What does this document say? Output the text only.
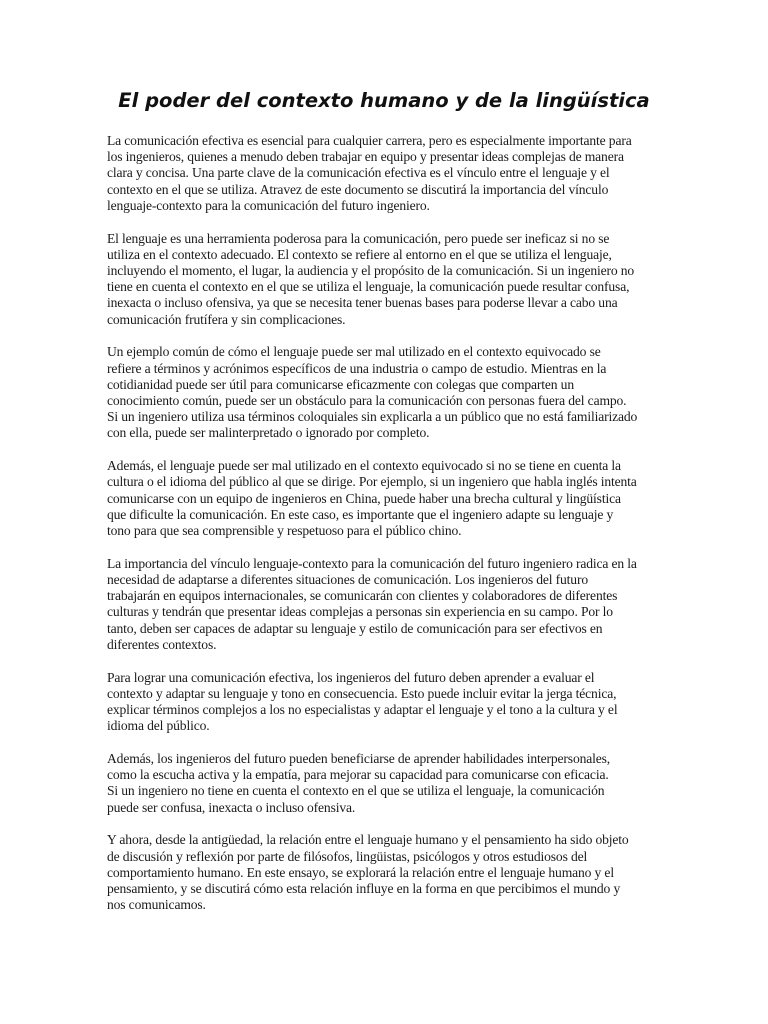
El poder del contexto humano y de la lingüística

La comunicación efectiva es esencial para cualquier carrera, pero es especialmente importante para
los ingenieros, quienes a menudo deben trabajar en equipo y presentar ideas complejas de manera
clara y concisa. Una parte clave de la comunicación efectiva es el vínculo entre el lenguaje y el
contexto en el que se utiliza. Atravez de este documento se discutirá la importancia del vínculo
lenguaje-contexto para la comunicación del futuro ingeniero.

El lenguaje es una herramienta poderosa para la comunicación, pero puede ser ineficaz si no se
utiliza en el contexto adecuado. El contexto se refiere al entorno en el que se utiliza el lenguaje,
incluyendo el momento, el lugar, la audiencia y el propósito de la comunicación. Si un ingeniero no
tiene en cuenta el contexto en el que se utiliza el lenguaje, la comunicación puede resultar confusa,
inexacta o incluso ofensiva, ya que se necesita tener buenas bases para poderse llevar a cabo una
comunicación frutífera y sin complicaciones.

Un ejemplo común de cómo el lenguaje puede ser mal utilizado en el contexto equivocado se
refiere a términos y acrónimos específicos de una industria o campo de estudio. Mientras en la
cotidianidad puede ser útil para comunicarse eficazmente con colegas que comparten un
conocimiento común, puede ser un obstáculo para la comunicación con personas fuera del campo.
Si un ingeniero utiliza usa términos coloquiales sin explicarla a un público que no está familiarizado
con ella, puede ser malinterpretado o ignorado por completo.

Además, el lenguaje puede ser mal utilizado en el contexto equivocado si no se tiene en cuenta la
cultura o el idioma del público al que se dirige. Por ejemplo, si un ingeniero que habla inglés intenta
comunicarse con un equipo de ingenieros en China, puede haber una brecha cultural y lingüística
que dificulte la comunicación. En este caso, es importante que el ingeniero adapte su lenguaje y
tono para que sea comprensible y respetuoso para el público chino.

La importancia del vínculo lenguaje-contexto para la comunicación del futuro ingeniero radica en la
necesidad de adaptarse a diferentes situaciones de comunicación. Los ingenieros del futuro
trabajarán en equipos internacionales, se comunicarán con clientes y colaboradores de diferentes
culturas y tendrán que presentar ideas complejas a personas sin experiencia en su campo. Por lo
tanto, deben ser capaces de adaptar su lenguaje y estilo de comunicación para ser efectivos en
diferentes contextos.

Para lograr una comunicación efectiva, los ingenieros del futuro deben aprender a evaluar el
contexto y adaptar su lenguaje y tono en consecuencia. Esto puede incluir evitar la jerga técnica,
explicar términos complejos a los no especialistas y adaptar el lenguaje y el tono a la cultura y el
idioma del público.

Además, los ingenieros del futuro pueden beneficiarse de aprender habilidades interpersonales,
como la escucha activa y la empatía, para mejorar su capacidad para comunicarse con eficacia.
Si un ingeniero no tiene en cuenta el contexto en el que se utiliza el lenguaje, la comunicación
puede ser confusa, inexacta o incluso ofensiva.

Y ahora, desde la antigüedad, la relación entre el lenguaje humano y el pensamiento ha sido objeto
de discusión y reflexión por parte de filósofos, lingüistas, psicólogos y otros estudiosos del
comportamiento humano. En este ensayo, se explorará la relación entre el lenguaje humano y el
pensamiento, y se discutirá cómo esta relación influye en la forma en que percibimos el mundo y
nos comunicamos.
